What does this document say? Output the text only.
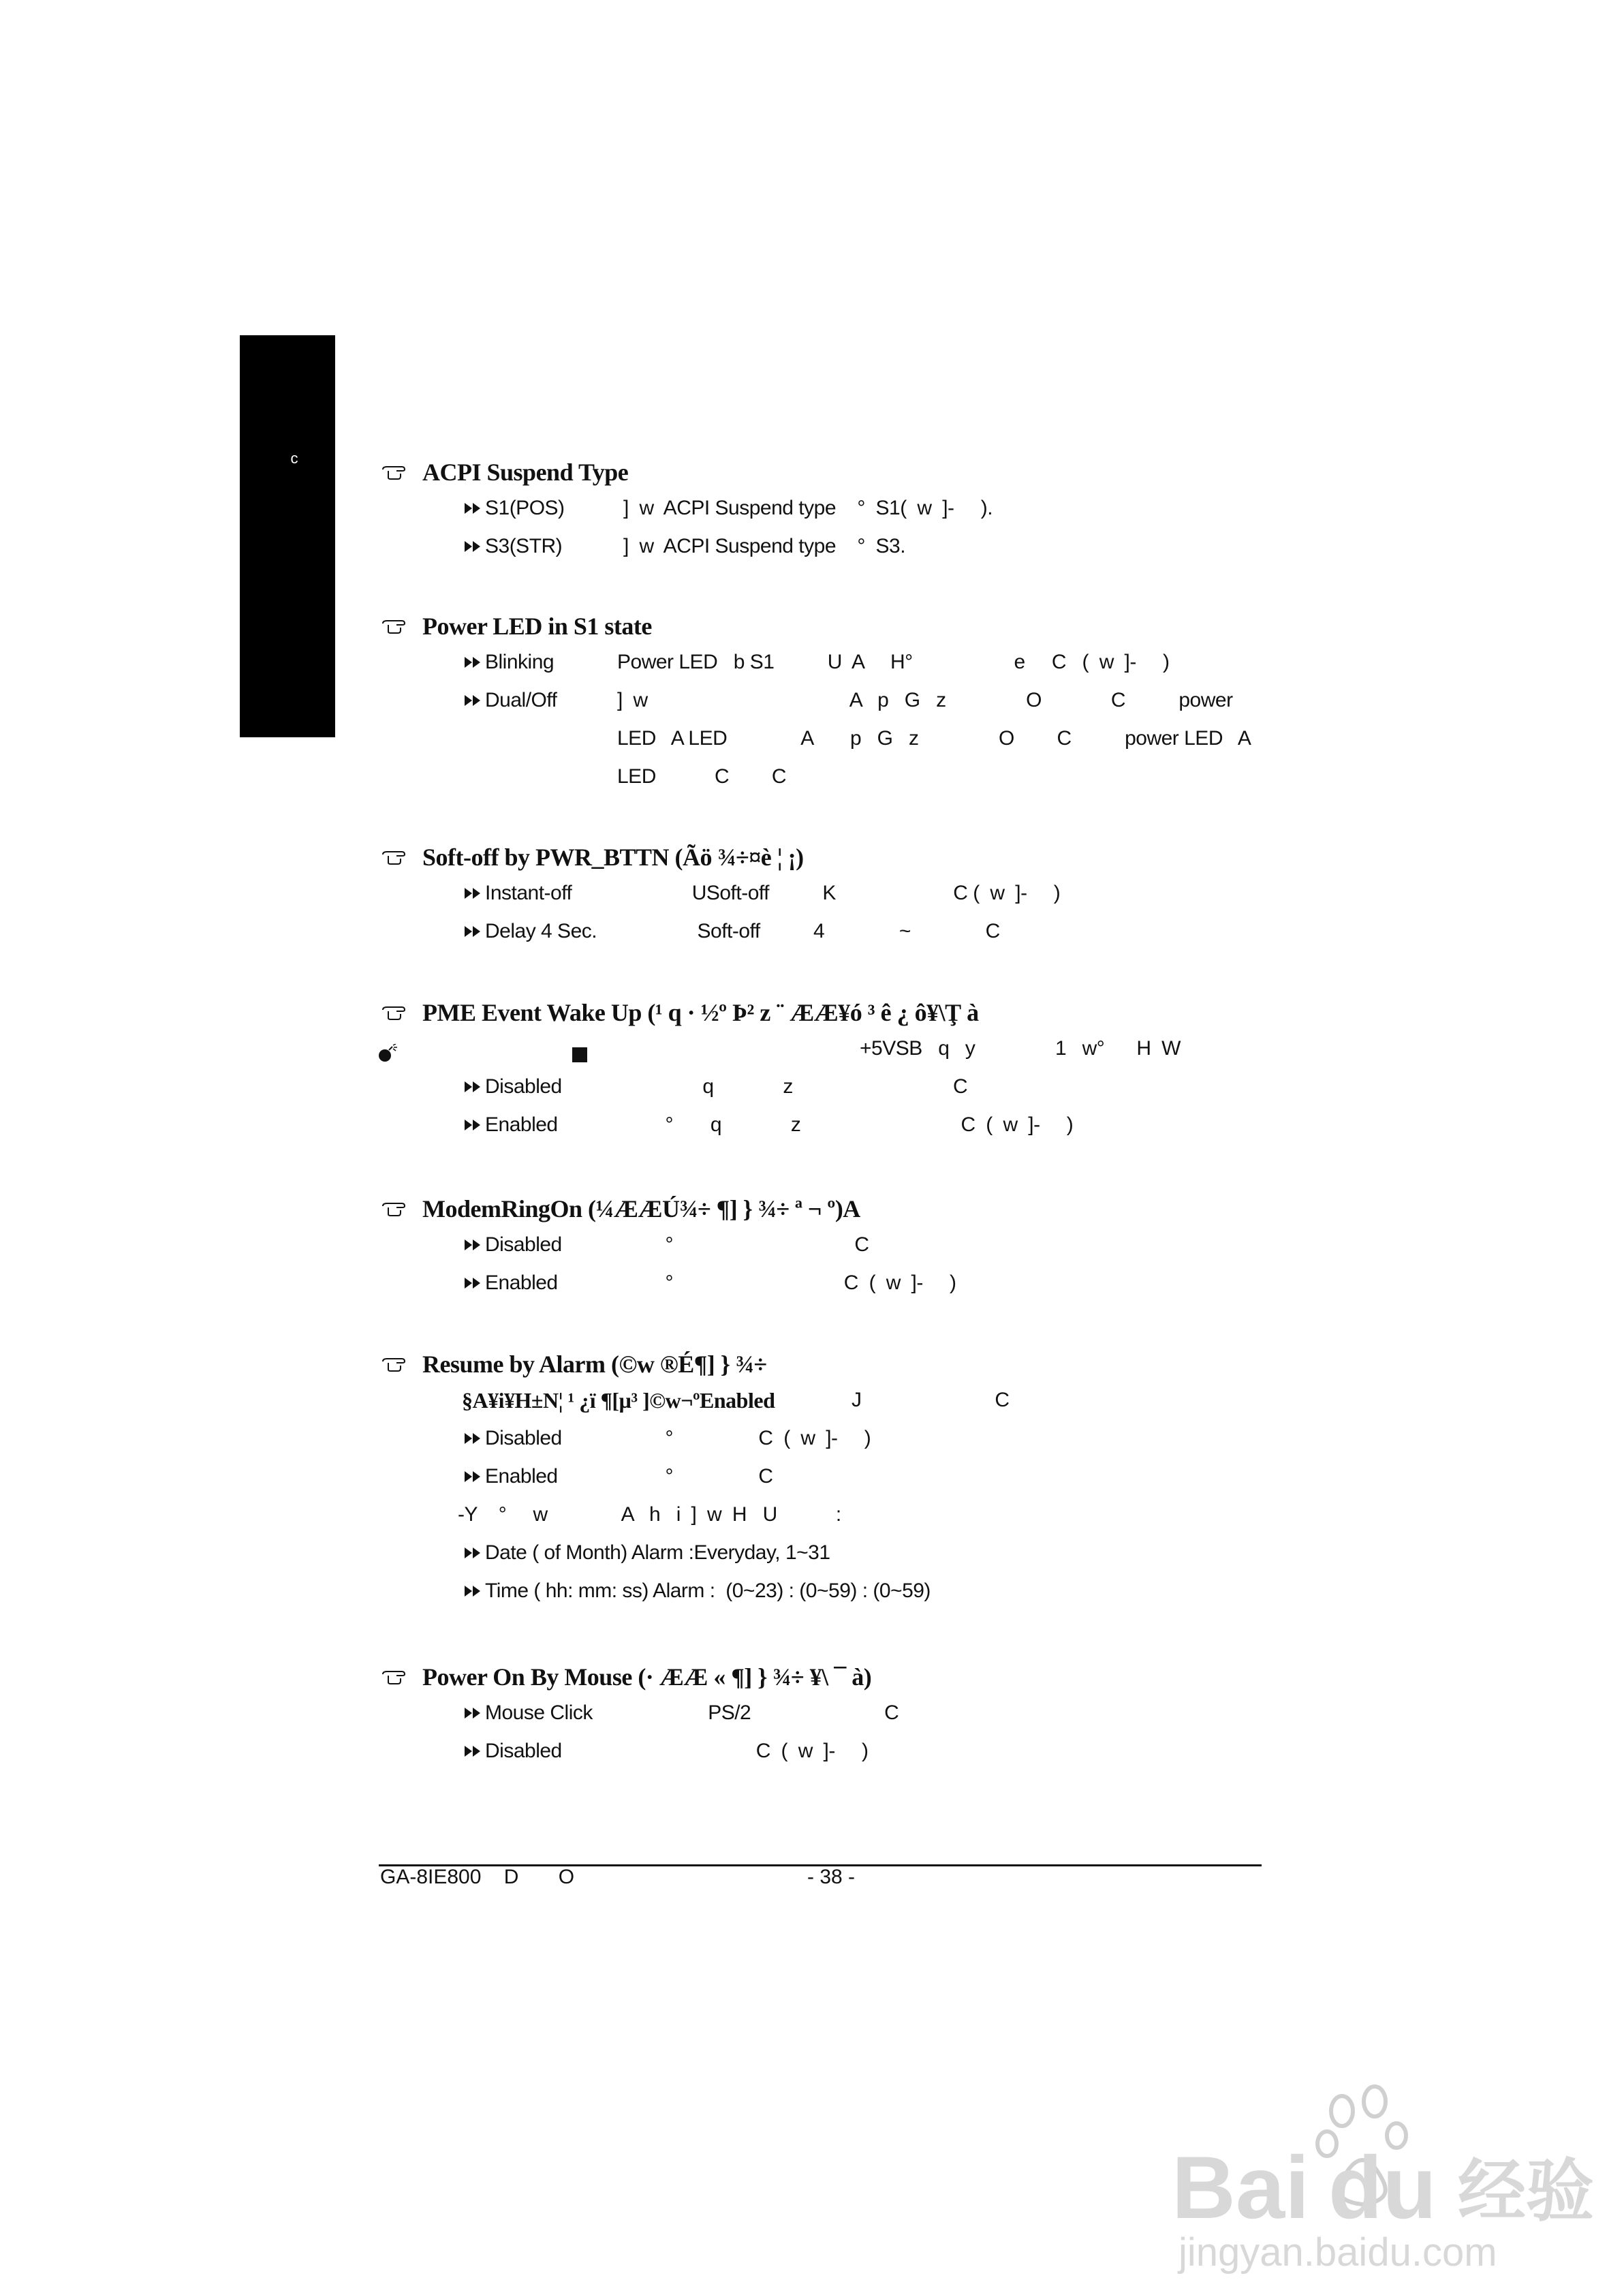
c
ACPI Suspend Type
S1(POS)	]  w  ACPI Suspend type    °  S1(  w  ]-     ).
S3(STR)	]  w  ACPI Suspend type    °  S3.
Power LED in S1 state
Blinking	Power LED   b S1          U  A     H°                   e     C   (  w  ]-     )
Dual/Off	]  w                                      A   p   G   z               O             C          power
LED   A LED              A       p   G   z               O        C          power LED   A
LED           C        C
Soft-off by PWR_BTTN (Ãö ¾÷¤è ¦ ¡)
Instant-off USoft-off          K                      C (  w  ]-     )
Delay 4 Sec. Soft-off          4              ~              C
PME Event Wake Up (¹ q · ½º Þ² z ¨ ÆÆ¥ó ³ ê ¿ ô¥\Ţ à
+5VSB   q   y               1   w°      H  W
Disabled	q             z                              C
Enabled	°       q             z                              C  (  w  ]-     )
ModemRingOn (¼ÆÆÚ¾÷ ¶] } ¾÷ ª ¬ º)A
Disabled	°                                  C
Enabled	°                                C  (  w  ]-     )
Resume by Alarm (©w ®É¶] } ¾÷
§A¥i¥H±N¦ ¹ ¿ï ¶[µ³ ]©w¬ºEnabled	J                         C
Disabled	°                C  (  w  ]-     )
Enabled	°                C
-Y    °     w              A   h   i  ]  w  H   U           :
Date ( of Month) Alarm :Everyday, 1~31
Time ( hh: mm: ss) Alarm :  (0~23) : (0~59) : (0~59)
Power On By Mouse (· ÆÆ « ¶] } ¾÷ ¥\ ¯ à)
Mouse Click PS/2                         C
Disabled	C  (  w  ]-     )
GA-8IE800    D       O	- 38 -
Bai du 经验
jingyan.baidu.com
